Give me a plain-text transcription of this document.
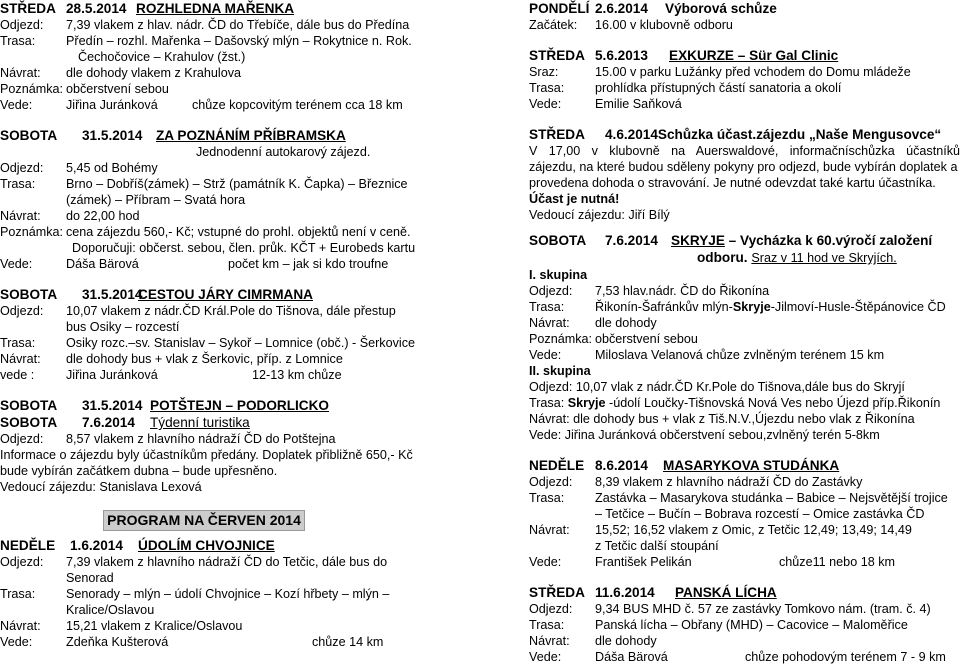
STŘEDA 28.5.2014 ROZHLEDNA MAŘENKA
Odjezd:	7,39 vlakem z hlav. nádr. ČD do Třebíče, dále bus do Předína
Trasa:	Předín – rozhl. Mařenka – Dašovský mlýn – Rokytnice n. Rok.
Čechočovice – Krahulov (žst.)
Návrat:	dle dohody vlakem z Krahulova
Poznámka: občerstvení sebou
Vede:	Jiřina Juránková	chůze kopcovitým terénem cca 18 km
SOBOTA 31.5.2014 ZA POZNÁNÍM PŘÍBRAMSKA
Jednodenní autokarový zájezd.
Odjezd:	5,45 od Bohémy
Trasa:	Brno – Dobříš(zámek) – Strž (památník K. Čapka) – Březnice
(zámek) – Příbram – Svatá hora
Návrat:	do 22,00 hod
Poznámka: cena zájezdu 560,- Kč; vstupné do prohl. objektů není v ceně.
Doporučuji: občerst. sebou, člen. průk. KČT + Eurobeds kartu
Vede:	Dáša Bärová	počet km – jak si kdo troufne
SOBOTA 31.5.2014CESTOU JÁRY CIMRMANA
Odjezd:	10,07 vlakem z nádr.ČD Král.Pole do Tišnova, dále přestup
bus Osiky – rozcestí
Trasa:	Osiky rozc.–sv. Stanislav – Sykoř – Lomnice (obč.) - Šerkovice
Návrat:	dle dohody bus + vlak z Šerkovic, příp. z Lomnice
vede :	Jiřina Juránková	12-13 km chůze
SOBOTA 31.5.2014 POTŠTEJN – PODORLICKO
SOBOTA 7.6.2014 Týdenní turistika
Odjezd:	8,57 vlakem z hlavního nádraží ČD do Potštejna
Informace o zájezdu byly účastníkům předány. Doplatek přibližně 650,- Kč
bude vybírán začátkem dubna – bude upřesněno.
Vedoucí zájezdu: Stanislava Lexová
PROGRAM NA ČERVEN 2014
NEDĚLE 1.6.2014 ÚDOLÍM CHVOJNICE
Odjezd:	7,39 vlakem z hlavního nádraží ČD do Tetčic, dále bus do
Senorad
Trasa:	Senorady – mlýn – údolí Chvojnice – Kozí hřbety – mlýn –
Kralice/Oslavou
Návrat:	15,21 vlakem z Kralice/Oslavou
Vede:	Zdeňka Kušterová	chůze 14 km
PONDĚLÍ 2.6.2014 Výborová schůze
Začátek:	16.00 v klubovně odboru
STŘEDA 5.6.2013 EXKURZE – Sür Gal Clinic
Sraz:	15.00 v parku Lužánky před vchodem do Domu mládeže
Trasa:	prohlídka přístupných částí sanatoria a okolí
Vede:	Emilie Saňková
STŘEDA 4.6.2014Schůzka účast.zájezdu „Naše Mengusovce“
V 17,00 v klubovně na Auerswaldové, informačníschůzka účastníků
zájezdu, na které budou sděleny pokyny pro odjezd, bude vybírán doplatek a
provedena dohoda o stravování. Je nutné odevzdat také kartu účastníka.
Účast je nutná!
Vedoucí zájezdu: Jiří Bílý
SOBOTA 7.6.2014 SKRYJE – Vycházka k 60.výročí založení
odboru. Sraz v 11 hod ve Skryjích.
I. skupina
Odjezd:	7,53 hlav.nádr. ČD do Řikonína
Trasa:	Řikonín-Šafránkův mlýn-Skryje-Jilmoví-Husle-Štěpánovice ČD
Návrat:	dle dohody
Poznámka: občerstvení sebou
Vede:	Miloslava Velanová chůze zvlněným terénem 15 km
II. skupina
Odjezd: 10,07 vlak z nádr.ČD Kr.Pole do Tišnova,dále bus do Skryjí
Trasa: Skryje -údolí Loučky-Tišnovská Nová Ves nebo Újezd příp.Řikonín
Návrat: dle dohody bus + vlak z Tiš.N.V.,Újezdu nebo vlak z Řikonína
Vede: Jiřina Juránková občerstvení sebou,zvlněný terén 5-8km
NEDĚLE 8.6.2014 MASARYKOVA STUDÁNKA
Odjezd:	8,39 vlakem z hlavního nádraží ČD do Zastávky
Trasa:	Zastávka – Masarykova studánka – Babice – Nejsvětější trojice
– Tetčice – Bučín – Bobrava rozcestí – Omice zastávka ČD
Návrat:	15,52; 16,52 vlakem z Omic, z Tetčic 12,49; 13,49; 14,49
z Tetčic další stoupání
Vede:	František Pelikán	chůze11 nebo 18 km
STŘEDA 11.6.2014 PANSKÁ LÍCHA
Odjezd:	9,34 BUS MHD č. 57 ze zastávky Tomkovo nám. (tram. č. 4)
Trasa:	Panská lícha – Obřany (MHD) – Cacovice – Maloměřice
Návrat:	dle dohody
Vede:	Dáša Bärová	chůze pohodovým terénem 7 - 9 km
